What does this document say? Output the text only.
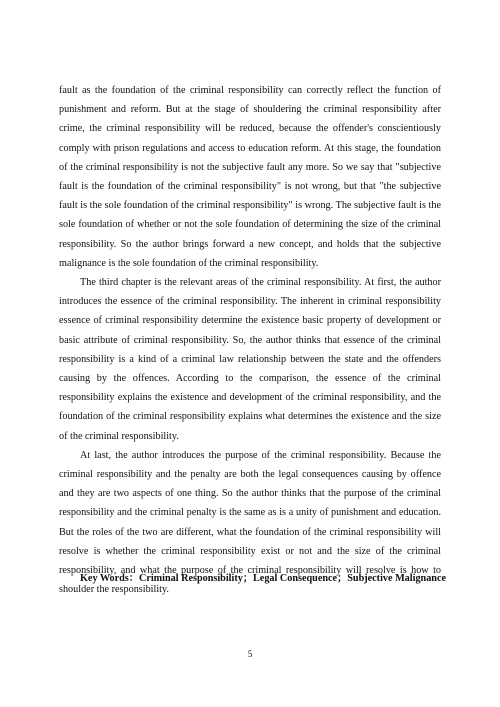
fault as the foundation of the criminal responsibility can correctly reflect the function of punishment and reform. But at the stage of shouldering the criminal responsibility after crime, the criminal responsibility will be reduced, because the offender's conscientiously comply with prison regulations and access to education reform. At this stage, the foundation of the criminal responsibility is not the subjective fault any more. So we say that "subjective fault is the foundation of the criminal responsibility" is not wrong, but that "the subjective fault is the sole foundation of the criminal responsibility" is wrong. The subjective fault is the sole foundation of whether or not the sole foundation of determining the size of the criminal responsibility. So the author brings forward a new concept, and holds that the subjective malignance is the sole foundation of the criminal responsibility.

The third chapter is the relevant areas of the criminal responsibility. At first, the author introduces the essence of the criminal responsibility. The inherent in criminal responsibility essence of criminal responsibility determine the existence basic property of development or basic attribute of criminal responsibility. So, the author thinks that essence of the criminal responsibility is a kind of a criminal law relationship between the state and the offenders causing by the offences. According to the comparison, the essence of the criminal responsibility explains the existence and development of the criminal responsibility, and the foundation of the criminal responsibility explains what determines the existence and the size of the criminal responsibility.

At last, the author introduces the purpose of the criminal responsibility. Because the criminal responsibility and the penalty are both the legal consequences causing by offence and they are two aspects of one thing. So the author thinks that the purpose of the criminal responsibility and the criminal penalty is the same as is a unity of punishment and education. But the roles of the two are different, what the foundation of the criminal responsibility will resolve is whether the criminal responsibility exist or not and the size of the criminal responsibility, and what the purpose of the criminal responsibility will resolve is how to shoulder the responsibility.

Key Words：Criminal Responsibility；Legal Consequence；Subjective Malignance
5
